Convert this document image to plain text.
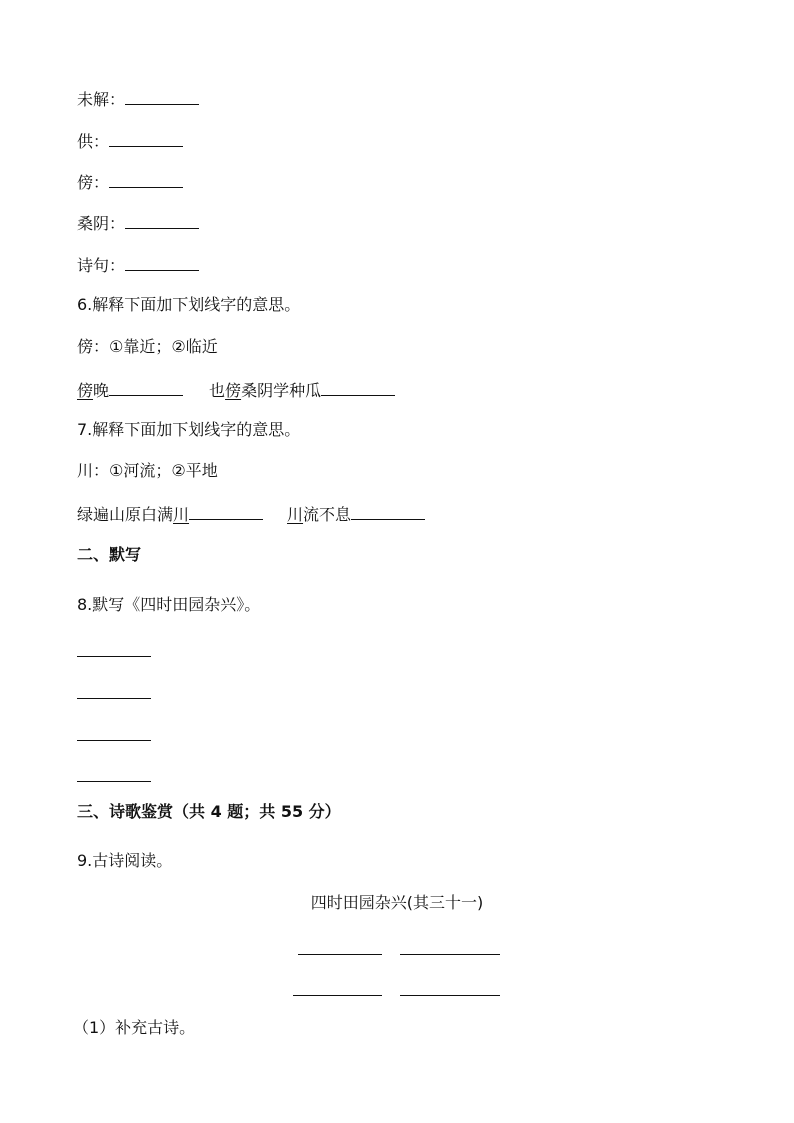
未解：
供：
傍：
桑阴：
诗句：
6.解释下面加下划线字的意思。
傍：①靠近；②临近
傍晚	也傍桑阴学种瓜
7.解释下面加下划线字的意思。
川：①河流；②平地
绿遍山原白满川	川流不息
二、默写
8.默写《四时田园杂兴》。
三、诗歌鉴赏（共 4 题；共 55 分）
9.古诗阅读。
四时田园杂兴(其三十一)
（1）补充古诗。
